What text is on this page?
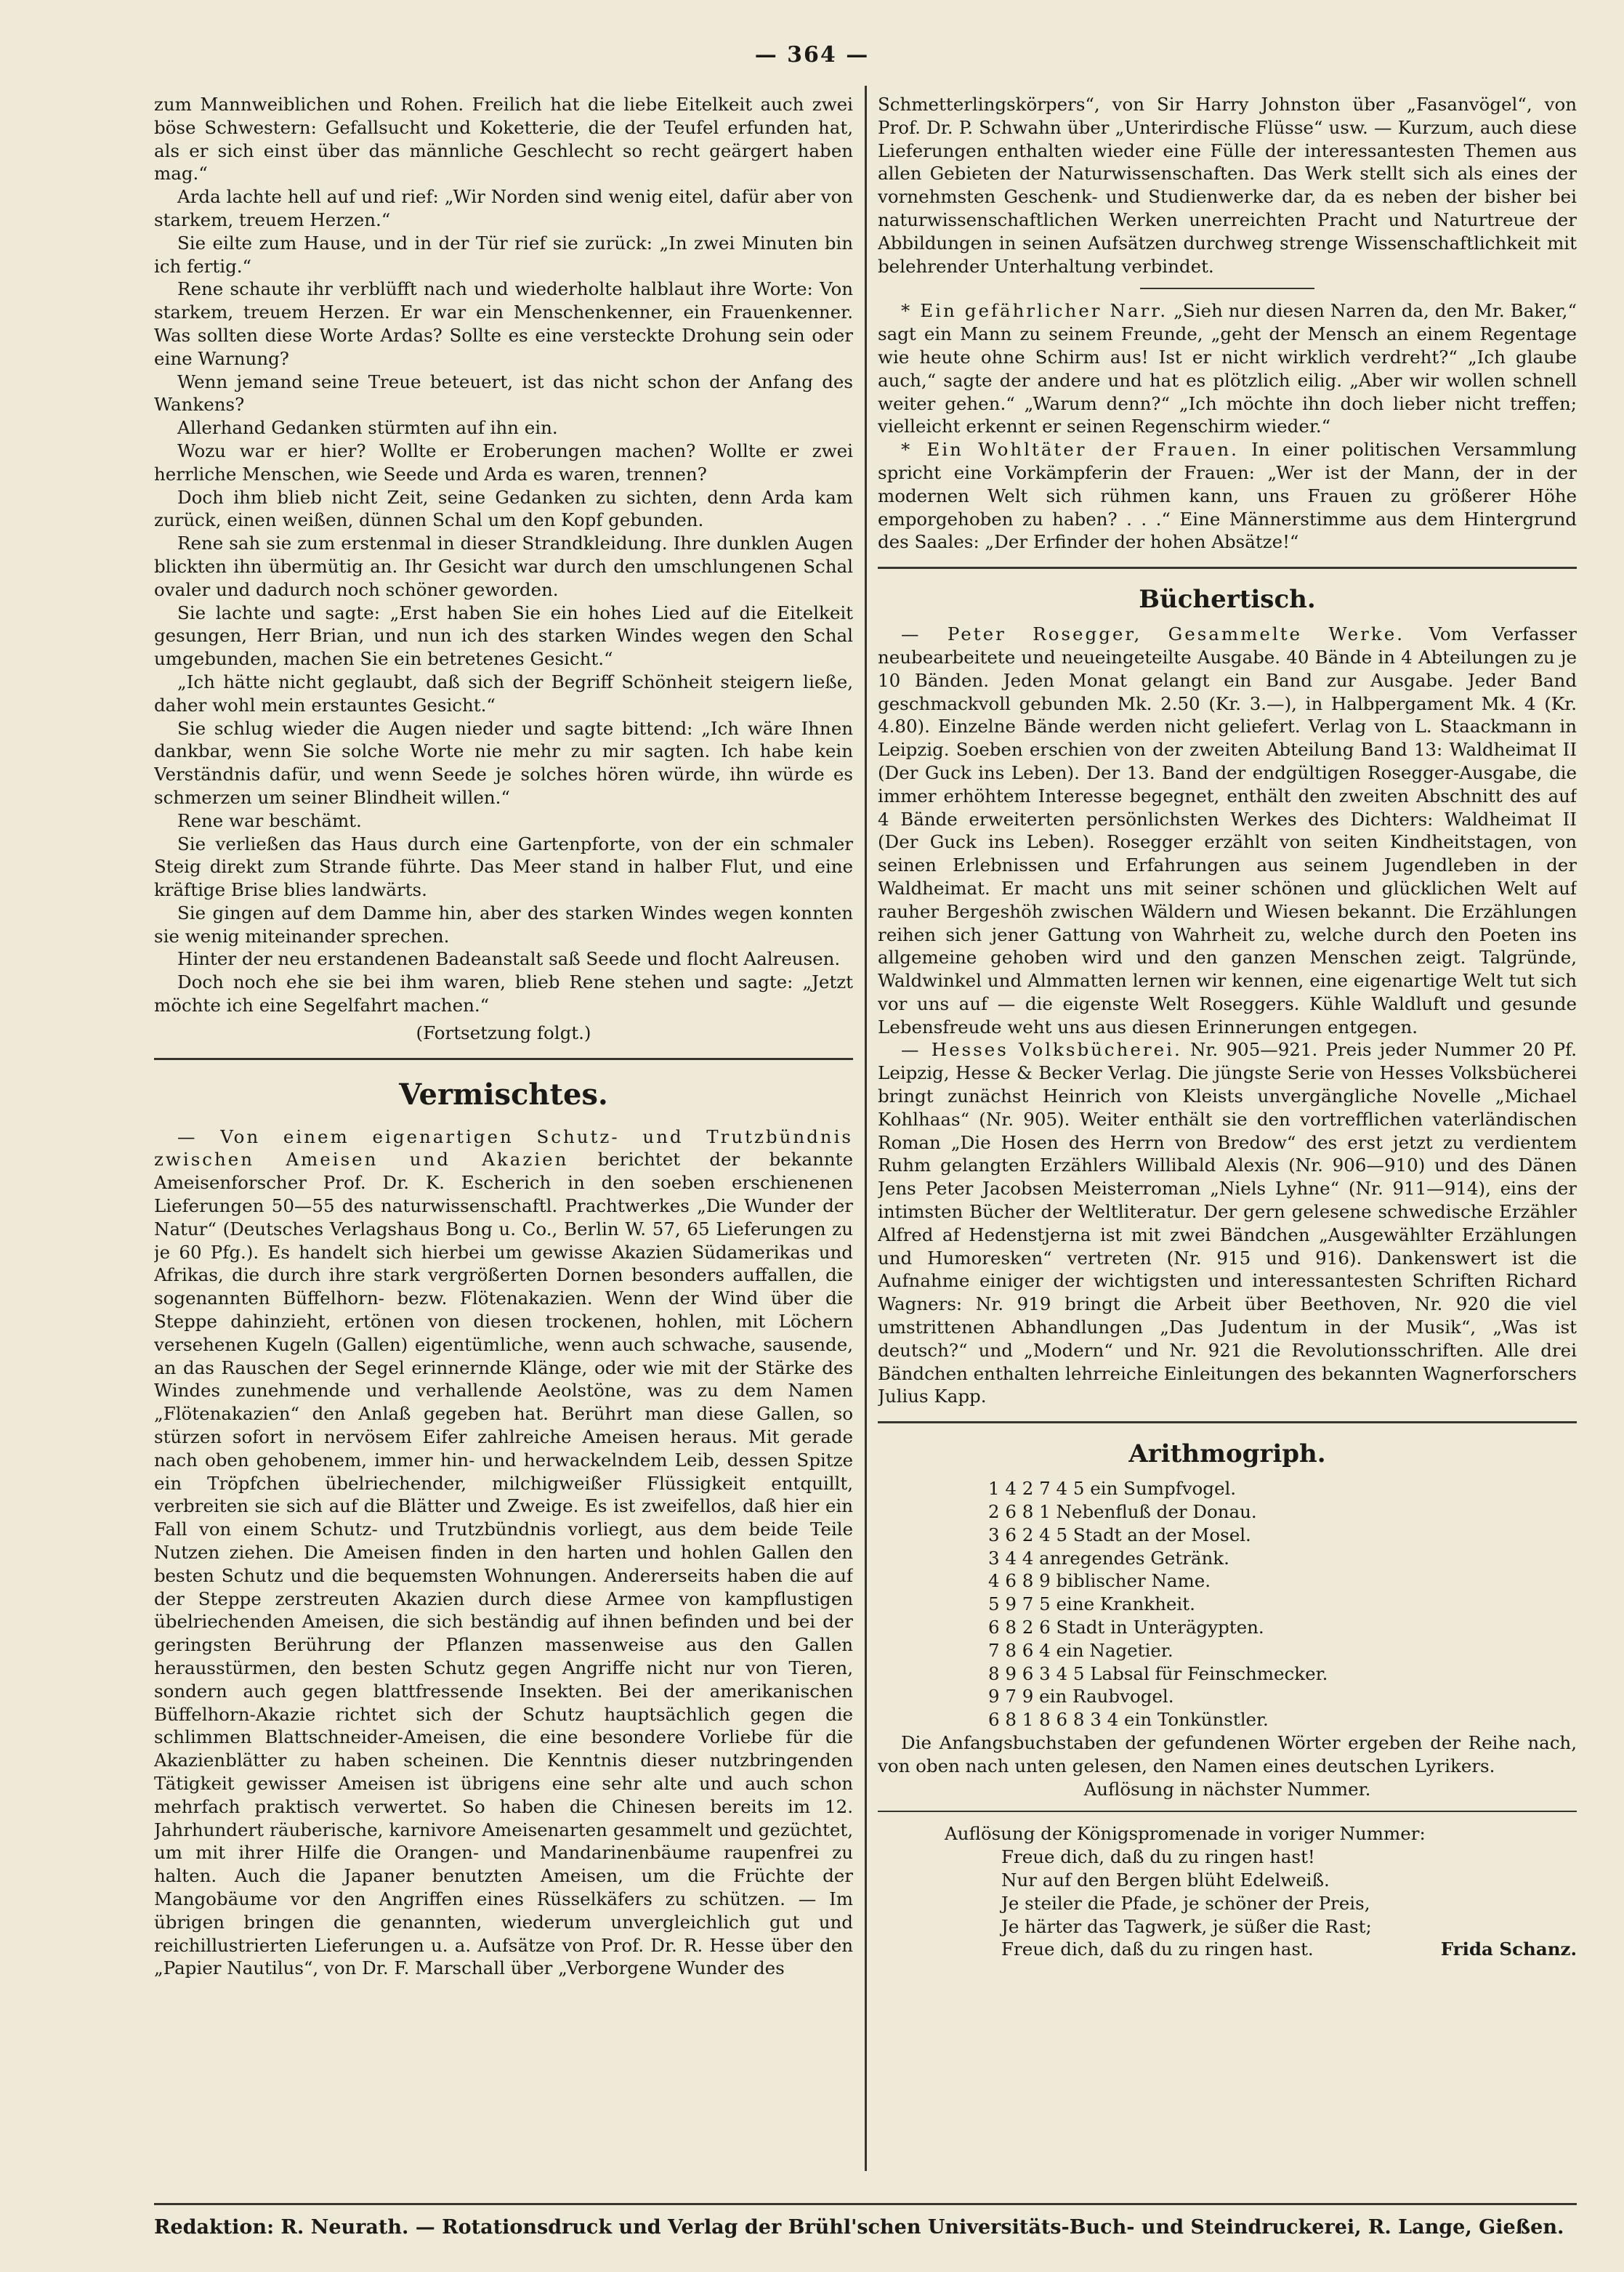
— 364 —

zum Mannweiblichen und Rohen. Freilich hat die liebe Eitelkeit auch zwei böse Schwestern: Gefallsucht und Koketterie, die der Teufel erfunden hat, als er sich einst über das männliche Geschlecht so recht geärgert haben mag.“

Arda lachte hell auf und rief: „Wir Norden sind wenig eitel, dafür aber von starkem, treuem Herzen.“

Sie eilte zum Hause, und in der Tür rief sie zurück: „In zwei Minuten bin ich fertig.“

Rene schaute ihr verblüfft nach und wiederholte halblaut ihre Worte: Von starkem, treuem Herzen. Er war ein Menschenkenner, ein Frauenkenner. Was sollten diese Worte Ardas? Sollte es eine versteckte Drohung sein oder eine Warnung?

Wenn jemand seine Treue beteuert, ist das nicht schon der Anfang des Wankens?

Allerhand Gedanken stürmten auf ihn ein.

Wozu war er hier? Wollte er Eroberungen machen? Wollte er zwei herrliche Menschen, wie Seede und Arda es waren, trennen?

Doch ihm blieb nicht Zeit, seine Gedanken zu sichten, denn Arda kam zurück, einen weißen, dünnen Schal um den Kopf gebunden.

Rene sah sie zum erstenmal in dieser Strandkleidung. Ihre dunklen Augen blickten ihn übermütig an. Ihr Gesicht war durch den umschlungenen Schal ovaler und dadurch noch schöner geworden.

Sie lachte und sagte: „Erst haben Sie ein hohes Lied auf die Eitelkeit gesungen, Herr Brian, und nun ich des starken Windes wegen den Schal umgebunden, machen Sie ein betretenes Gesicht.“

„Ich hätte nicht geglaubt, daß sich der Begriff Schönheit steigern ließe, daher wohl mein erstauntes Gesicht.“

Sie schlug wieder die Augen nieder und sagte bittend: „Ich wäre Ihnen dankbar, wenn Sie solche Worte nie mehr zu mir sagten. Ich habe kein Verständnis dafür, und wenn Seede je solches hören würde, ihn würde es schmerzen um seiner Blindheit willen.“

Rene war beschämt.

Sie verließen das Haus durch eine Gartenpforte, von der ein schmaler Steig direkt zum Strande führte. Das Meer stand in halber Flut, und eine kräftige Brise blies landwärts.

Sie gingen auf dem Damme hin, aber des starken Windes wegen konnten sie wenig miteinander sprechen.

Hinter der neu erstandenen Badeanstalt saß Seede und flocht Aalreusen.

Doch noch ehe sie bei ihm waren, blieb Rene stehen und sagte: „Jetzt möchte ich eine Segelfahrt machen.“

(Fortsetzung folgt.)

Vermischtes.

— Von einem eigenartigen Schutz- und Trutzbündnis zwischen Ameisen und Akazien berichtet der bekannte Ameisenforscher Prof. Dr. K. Escherich in den soeben erschienenen Lieferungen 50—55 des naturwissenschaftl. Prachtwerkes „Die Wunder der Natur“ (Deutsches Verlagshaus Bong u. Co., Berlin W. 57, 65 Lieferungen zu je 60 Pfg.). Es handelt sich hierbei um gewisse Akazien Südamerikas und Afrikas, die durch ihre stark vergrößerten Dornen besonders auffallen, die sogenannten Büffelhorn- bezw. Flötenakazien. Wenn der Wind über die Steppe dahinzieht, ertönen von diesen trockenen, hohlen, mit Löchern versehenen Kugeln (Gallen) eigentümliche, wenn auch schwache, sausende, an das Rauschen der Segel erinnernde Klänge, oder wie mit der Stärke des Windes zunehmende und verhallende Aeolstöne, was zu dem Namen „Flötenakazien“ den Anlaß gegeben hat. Berührt man diese Gallen, so stürzen sofort in nervösem Eifer zahlreiche Ameisen heraus. Mit gerade nach oben gehobenem, immer hin- und herwackelndem Leib, dessen Spitze ein Tröpfchen übelriechender, milchigweißer Flüssigkeit entquillt, verbreiten sie sich auf die Blätter und Zweige. Es ist zweifellos, daß hier ein Fall von einem Schutz- und Trutzbündnis vorliegt, aus dem beide Teile Nutzen ziehen. Die Ameisen finden in den harten und hohlen Gallen den besten Schutz und die bequemsten Wohnungen. Andererseits haben die auf der Steppe zerstreuten Akazien durch diese Armee von kampflustigen übelriechenden Ameisen, die sich beständig auf ihnen befinden und bei der geringsten Berührung der Pflanzen massenweise aus den Gallen herausstürmen, den besten Schutz gegen Angriffe nicht nur von Tieren, sondern auch gegen blattfressende Insekten. Bei der amerikanischen Büffelhorn-Akazie richtet sich der Schutz hauptsächlich gegen die schlimmen Blattschneider-Ameisen, die eine besondere Vorliebe für die Akazienblätter zu haben scheinen. Die Kenntnis dieser nutzbringenden Tätigkeit gewisser Ameisen ist übrigens eine sehr alte und auch schon mehrfach praktisch verwertet. So haben die Chinesen bereits im 12. Jahrhundert räuberische, karnivore Ameisenarten gesammelt und gezüchtet, um mit ihrer Hilfe die Orangen- und Mandarinenbäume raupenfrei zu halten. Auch die Japaner benutzten Ameisen, um die Früchte der Mangobäume vor den Angriffen eines Rüsselkäfers zu schützen. — Im übrigen bringen die genannten, wiederum unvergleichlich gut und reichillustrierten Lieferungen u. a. Aufsätze von Prof. Dr. R. Hesse über den „Papier Nautilus“, von Dr. F. Marschall über „Verborgene Wunder des

Schmetterlingskörpers“, von Sir Harry Johnston über „Fasanvögel“, von Prof. Dr. P. Schwahn über „Unterirdische Flüsse“ usw. — Kurzum, auch diese Lieferungen enthalten wieder eine Fülle der interessantesten Themen aus allen Gebieten der Naturwissenschaften. Das Werk stellt sich als eines der vornehmsten Geschenk- und Studienwerke dar, da es neben der bisher bei naturwissenschaftlichen Werken unerreichten Pracht und Naturtreue der Abbildungen in seinen Aufsätzen durchweg strenge Wissenschaftlichkeit mit belehrender Unterhaltung verbindet.

* Ein gefährlicher Narr. „Sieh nur diesen Narren da, den Mr. Baker,“ sagt ein Mann zu seinem Freunde, „geht der Mensch an einem Regentage wie heute ohne Schirm aus! Ist er nicht wirklich verdreht?“ „Ich glaube auch,“ sagte der andere und hat es plötzlich eilig. „Aber wir wollen schnell weiter gehen.“ „Warum denn?“ „Ich möchte ihn doch lieber nicht treffen; vielleicht erkennt er seinen Regenschirm wieder.“

* Ein Wohltäter der Frauen. In einer politischen Versammlung spricht eine Vorkämpferin der Frauen: „Wer ist der Mann, der in der modernen Welt sich rühmen kann, uns Frauen zu größerer Höhe emporgehoben zu haben? . . .“ Eine Männerstimme aus dem Hintergrund des Saales: „Der Erfinder der hohen Absätze!“

Büchertisch.

— Peter Rosegger, Gesammelte Werke. Vom Verfasser neubearbeitete und neueingeteilte Ausgabe. 40 Bände in 4 Abteilungen zu je 10 Bänden. Jeden Monat gelangt ein Band zur Ausgabe. Jeder Band geschmackvoll gebunden Mk. 2.50 (Kr. 3.—), in Halbpergament Mk. 4 (Kr. 4.80). Einzelne Bände werden nicht geliefert. Verlag von L. Staackmann in Leipzig. Soeben erschien von der zweiten Abteilung Band 13: Waldheimat II (Der Guck ins Leben). Der 13. Band der endgültigen Rosegger-Ausgabe, die immer erhöhtem Interesse begegnet, enthält den zweiten Abschnitt des auf 4 Bände erweiterten persönlichsten Werkes des Dichters: Waldheimat II (Der Guck ins Leben). Rosegger erzählt von seiten Kindheitstagen, von seinen Erlebnissen und Erfahrungen aus seinem Jugendleben in der Waldheimat. Er macht uns mit seiner schönen und glücklichen Welt auf rauher Bergeshöh zwischen Wäldern und Wiesen bekannt. Die Erzählungen reihen sich jener Gattung von Wahrheit zu, welche durch den Poeten ins allgemeine gehoben wird und den ganzen Menschen zeigt. Talgründe, Waldwinkel und Almmatten lernen wir kennen, eine eigenartige Welt tut sich vor uns auf — die eigenste Welt Roseggers. Kühle Waldluft und gesunde Lebensfreude weht uns aus diesen Erinnerungen entgegen.

— Hesses Volksbücherei. Nr. 905—921. Preis jeder Nummer 20 Pf. Leipzig, Hesse & Becker Verlag. Die jüngste Serie von Hesses Volksbücherei bringt zunächst Heinrich von Kleists unvergängliche Novelle „Michael Kohlhaas“ (Nr. 905). Weiter enthält sie den vortrefflichen vaterländischen Roman „Die Hosen des Herrn von Bredow“ des erst jetzt zu verdientem Ruhm gelangten Erzählers Willibald Alexis (Nr. 906—910) und des Dänen Jens Peter Jacobsen Meisterroman „Niels Lyhne“ (Nr. 911—914), eins der intimsten Bücher der Weltliteratur. Der gern gelesene schwedische Erzähler Alfred af Hedenstjerna ist mit zwei Bändchen „Ausgewählter Erzählungen und Humoresken“ vertreten (Nr. 915 und 916). Dankenswert ist die Aufnahme einiger der wichtigsten und interessantesten Schriften Richard Wagners: Nr. 919 bringt die Arbeit über Beethoven, Nr. 920 die viel umstrittenen Abhandlungen „Das Judentum in der Musik“, „Was ist deutsch?“ und „Modern“ und Nr. 921 die Revolutionsschriften. Alle drei Bändchen enthalten lehrreiche Einleitungen des bekannten Wagnerforschers Julius Kapp.

Arithmogriph.

1 4 2 7 4 5 ein Sumpfvogel.

2 6 8 1 Nebenfluß der Donau.

3 6 2 4 5 Stadt an der Mosel.

3 4 4 anregendes Getränk.

4 6 8 9 biblischer Name.

5 9 7 5 eine Krankheit.

6 8 2 6 Stadt in Unterägypten.

7 8 6 4 ein Nagetier.

8 9 6 3 4 5 Labsal für Feinschmecker.

9 7 9 ein Raubvogel.

6 8 1 8 6 8 3 4 ein Tonkünstler.

Die Anfangsbuchstaben der gefundenen Wörter ergeben der Reihe nach, von oben nach unten gelesen, den Namen eines deutschen Lyrikers.

Auflösung in nächster Nummer.

Auflösung der Königspromenade in voriger Nummer:

Freue dich, daß du zu ringen hast!
Nur auf den Bergen blüht Edelweiß.
Je steiler die Pfade, je schöner der Preis,
Je härter das Tagwerk, je süßer die Rast;
Freue dich, daß du zu ringen hast.	Frida Schanz.
Redaktion: R. Neurath. — Rotationsdruck und Verlag der Brühl'schen Universitäts-Buch- und Steindruckerei, R. Lange, Gießen.
